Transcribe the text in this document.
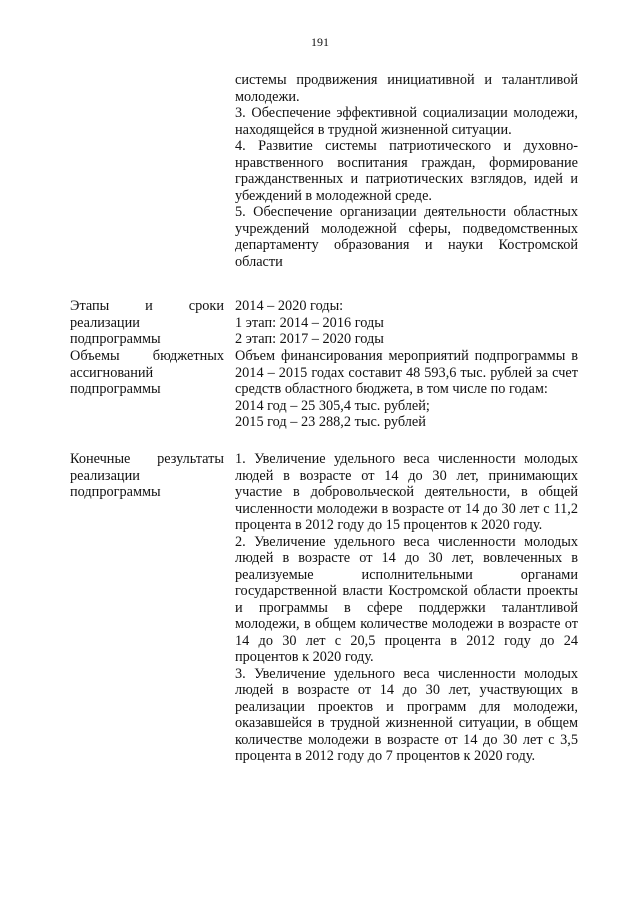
191

системы продвижения инициативной и талантливой молодежи.

3. Обеспечение эффективной социализации молодежи, находящейся в трудной жизненной ситуации.

4. Развитие системы патриотического и духовно-нравственного воспитания граждан, формирование гражданственных и патриотических взглядов, идей и убеждений в молодежной среде.

5. Обеспечение организации деятельности областных учреждений молодежной сферы, подведомственных департаменту образования и науки Костромской области

Этапы и сроки
реализации
подпрограммы
2014 – 2020 годы:
1 этап: 2014 – 2016 годы
2 этап: 2017 – 2020 годы
Объемы бюджетных
ассигнований
подпрограммы

Объем финансирования мероприятий подпрограммы в 2014 – 2015 годах составит 48 593,6 тыс. рублей за счет средств областного бюджета, в том числе по годам:

2014 год – 25 305,4 тыс. рублей;
2015 год – 23 288,2 тыс. рублей
Конечные результаты
реализации
подпрограммы

1. Увеличение удельного веса численности молодых людей в возрасте от 14 до 30 лет, принимающих участие в добровольческой деятельности, в общей численности молодежи в возрасте от 14 до 30 лет с 11,2 процента в 2012 году до 15 процентов к 2020 году.

2. Увеличение удельного веса численности молодых людей в возрасте от 14 до 30 лет, вовлеченных в реализуемые исполнительными органами государственной власти Костромской области проекты и программы в сфере поддержки талантливой молодежи, в общем количестве молодежи в возрасте от 14 до 30 лет с 20,5 процента в 2012 году до 24 процентов к 2020 году.

3. Увеличение удельного веса численности молодых людей в возрасте от 14 до 30 лет, участвующих в реализации проектов и программ для молодежи, оказавшейся в трудной жизненной ситуации, в общем количестве молодежи в возрасте от 14 до 30 лет с 3,5 процента в 2012 году до 7 процентов к 2020 году.
